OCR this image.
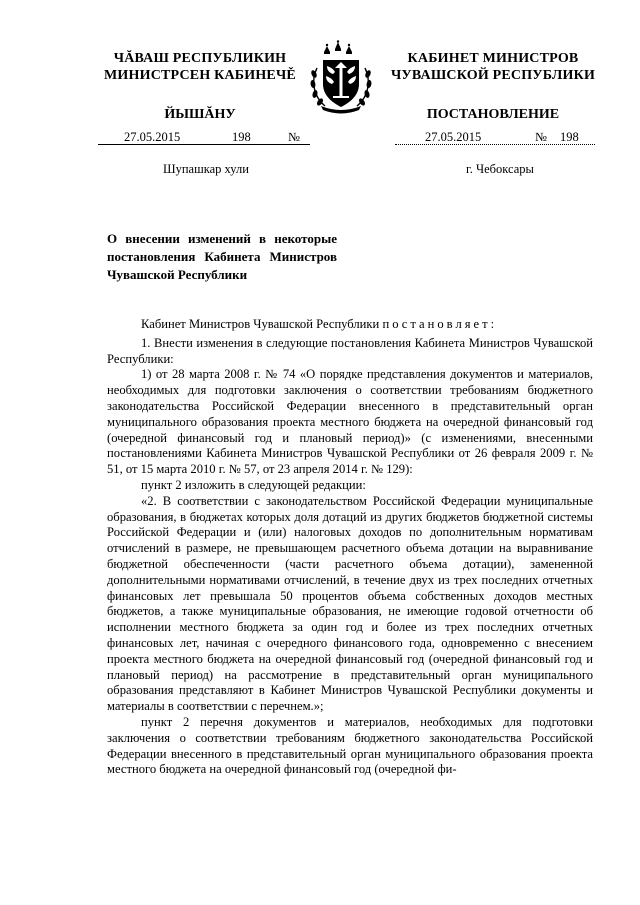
ЧĂВАШ РЕСПУБЛИКИН
МИНИСТРСЕН КАБИНЕЧĚ
ЙЫШĂНУ
КАБИНЕТ МИНИСТРОВ
ЧУВАШСКОЙ РЕСПУБЛИКИ
ПОСТАНОВЛЕНИЕ
27.05.2015	198	№	27.05.2015	№ 198
Шупашкар хули	г. Чебоксары
О внесении изменений в некоторые постановления Кабинета Министров Чувашской Республики

Кабинет Министров Чувашской Республики постановляет:

1. Внести изменения в следующие постановления Кабинета Министров Чувашской Республики:

1) от 28 марта 2008 г. № 74 «О порядке представления документов и материалов, необходимых для подготовки заключения о соответствии требованиям бюджетного законодательства Российской Федерации внесенного в представительный орган муниципального образования проекта местного бюджета на очередной финансовый год (очередной финансовый год и плановый период)» (с изменениями, внесенными постановлениями Кабинета Министров Чувашской Республики от 26 февраля 2009 г. № 51, от 15 марта 2010 г. № 57, от 23 апреля 2014 г. № 129):

пункт 2 изложить в следующей редакции:

«2. В соответствии с законодательством Российской Федерации муниципальные образования, в бюджетах которых доля дотаций из других бюджетов бюджетной системы Российской Федерации и (или) налоговых доходов по дополнительным нормативам отчислений в размере, не превышающем расчетного объема дотации на выравнивание бюджетной обеспеченности (части расчетного объема дотации), замененной дополнительными нормативами отчислений, в течение двух из трех последних отчетных финансовых лет превышала 50 процентов объема собственных доходов местных бюджетов, а также муниципальные образования, не имеющие годовой отчетности об исполнении местного бюджета за один год и более из трех последних отчетных финансовых лет, начиная с очередного финансового года, одновременно с внесением проекта местного бюджета на очередной финансовый год (очередной финансовый год и плановый период) на рассмотрение в представительный орган муниципального образования представляют в Кабинет Министров Чувашской Республики документы и материалы в соответствии с перечнем.»;

пункт 2 перечня документов и материалов, необходимых для подготовки заключения о соответствии требованиям бюджетного законодательства Российской Федерации внесенного в представительный орган муниципального образования проекта местного бюджета на очередной финансовый год (очередной фи-
